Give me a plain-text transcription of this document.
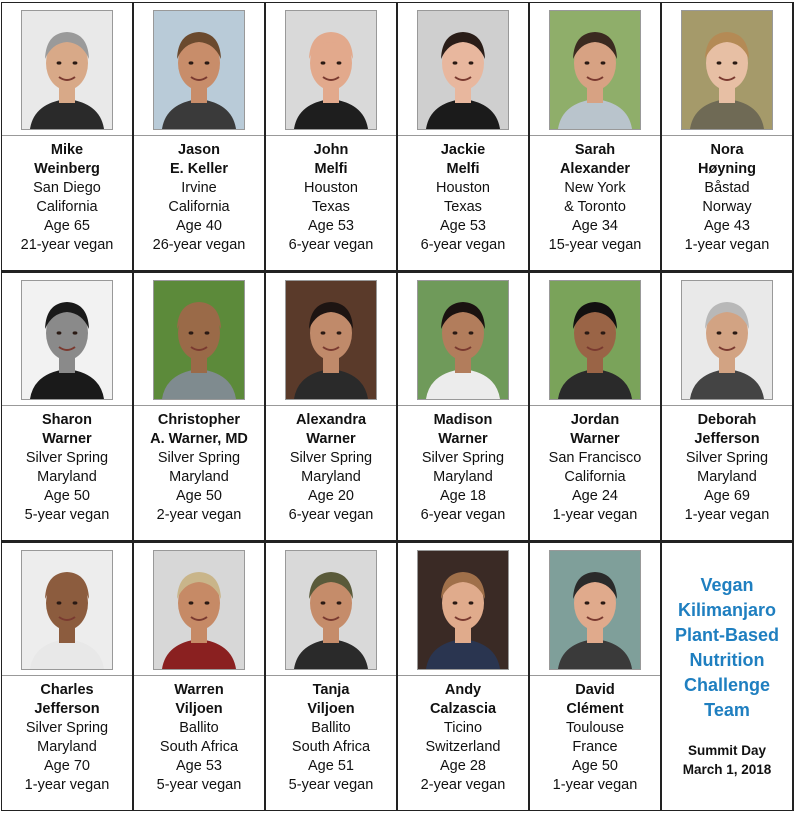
Mike
Weinberg
San Diego
California
Age 65
21-year vegan
Jason
E. Keller
Irvine
California
Age 40
26-year vegan
John
Melfi
Houston
Texas
Age 53
6-year vegan
Jackie
Melfi
Houston
Texas
Age 53
6-year vegan
Sarah
Alexander
New York
& Toronto
Age 34
15-year vegan
Nora
Høyning
Båstad
Norway
Age 43
1-year vegan
Sharon
Warner
Silver Spring
Maryland
Age 50
5-year vegan
Christopher
A. Warner, MD
Silver Spring
Maryland
Age 50
2-year vegan
Alexandra
Warner
Silver Spring
Maryland
Age 20
6-year vegan
Madison
Warner
Silver Spring
Maryland
Age 18
6-year vegan
Jordan
Warner
San Francisco
California
Age 24
1-year vegan
Deborah
Jefferson
Silver Spring
Maryland
Age 69
1-year vegan
Charles
Jefferson
Silver Spring
Maryland
Age 70
1-year vegan
Warren
Viljoen
Ballito
South Africa
Age 53
5-year vegan
Tanja
Viljoen
Ballito
South Africa
Age 51
5-year vegan
Andy
Calzascia
Ticino
Switzerland
Age 28
2-year vegan
David
Clément
Toulouse
France
Age 50
1-year vegan
Vegan
Kilimanjaro
Plant-Based
Nutrition
Challenge
Team
Summit Day
March 1, 2018
